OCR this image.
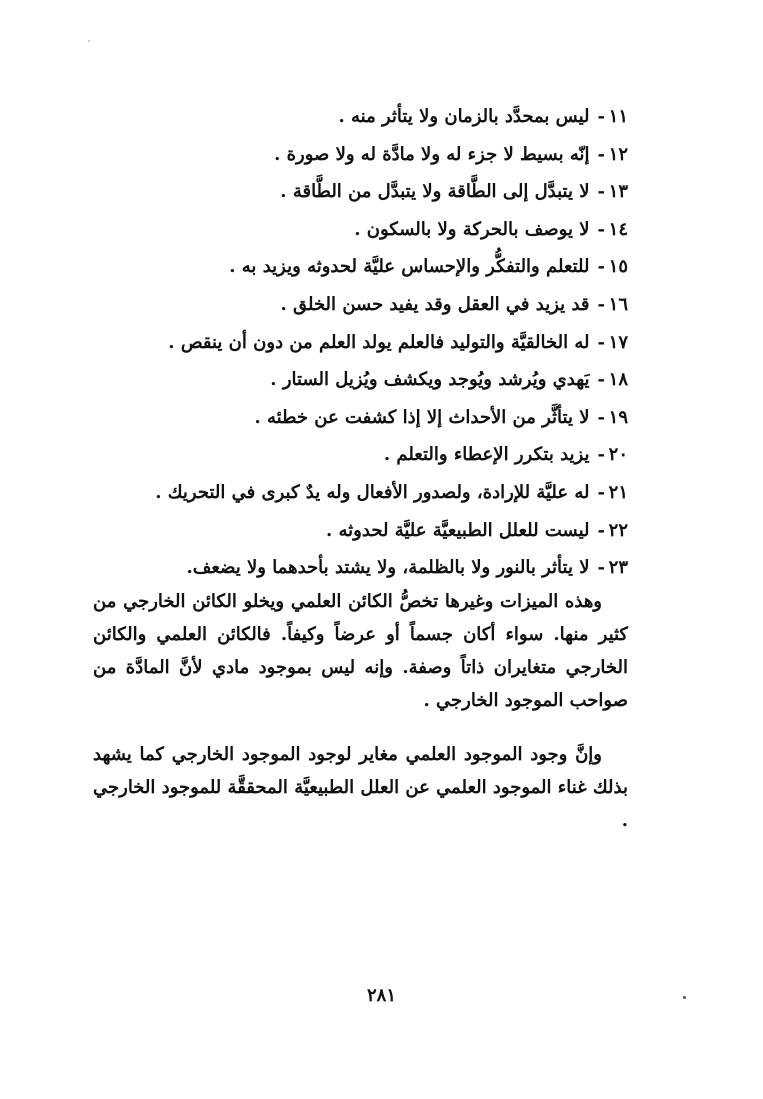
١١
-
ليس بمحدَّد بالزمان ولا يتأثر منه .
١٢
-
إنّه بسيط لا جزء له ولا مادَّة له ولا صورة .
١٣
-
لا يتبدَّل إلى الطَّاقة ولا يتبدَّل من الطَّاقة .
١٤
-
لا يوصف بالحركة ولا بالسكون .
١٥
-
للتعلم والتفكُّر والإحساس عليَّة لحدوثه ويزيد به .
١٦
-
قد يزيد في العقل وقد يفيد حسن الخلق .
١٧
-
له الخالقيَّة والتوليد فالعلم يولد العلم من دون أن ينقص .
١٨
-
يَهدي ويُرشد ويُوجد ويكشف ويُزيل الستار .
١٩
-
لا يتأثَّر من الأحداث إلا إذا كشفت عن خطئه .
٢٠
-
يزيد بتكرر الإعطاء والتعلم .
٢١
-
له عليَّة للإرادة، ولصدور الأفعال وله يدٌ كبرى في التحريك .
٢٢
-
ليست للعلل الطبيعيَّة عليَّة لحدوثه .
٢٣
-
لا يتأثر بالنور ولا بالظلمة، ولا يشتد بأحدهما ولا يضعف.

وهذه الميزات وغيرها تخصُّ الكائن العلمي ويخلو الكائن الخارجي من كثير منها. سواء أكان جسماً أو عرضاً وكيفاً. فالكائن العلمي والكائن الخارجي متغايران ذاتاً وصفة. وإنه ليس بموجود مادي لأنَّ المادَّة من صواحب الموجود الخارجي .

وإنَّ وجود الموجود العلمي مغاير لوجود الموجود الخارجي كما يشهد بذلك غناء الموجود العلمي عن العلل الطبيعيَّة المحققَّة للموجود الخارجي .

٢٨١
